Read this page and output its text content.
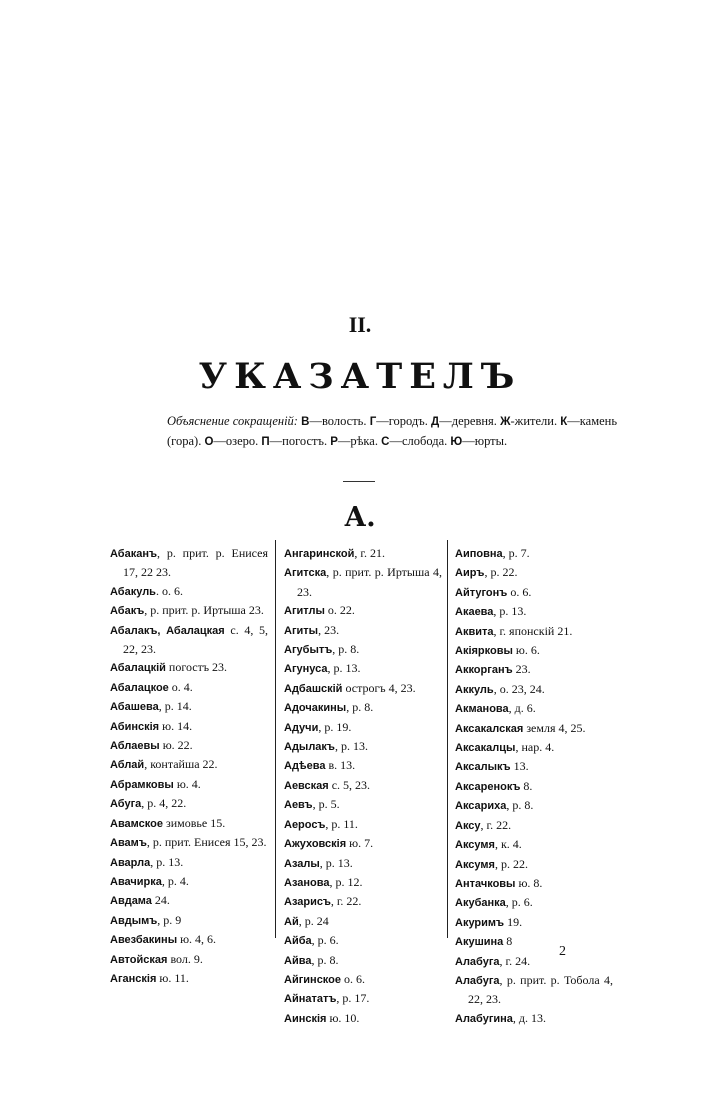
II.
УКАЗАТЕЛЪ
Объяснение сокращенiй: В—волость. Г—городъ. Д—деревня. Ж-жители. К—камень (гора). О—озеро. П—погостъ. Р—рѣка. С—слобода. Ю—юрты.
А.
Абаканъ, р. прит. р. Енисея 17, 22 23.
Абакуль. о. 6.
Абакъ, р. прит. р. Иртыша 23.
Абалакъ, Абалацкая с. 4, 5, 22, 23.
Абалацкiй погостъ 23.
Абалацкое о. 4.
Абашева, р. 14.
Абинскiя ю. 14.
Аблаевы ю. 22.
Аблай, контайша 22.
Абрамковы ю. 4.
Абуга, р. 4, 22.
Авамское зимовье 15.
Авамъ, р. прит. Енисея 15, 23.
Аварла, р. 13.
Авачирка, р. 4.
Авдама 24.
Авдымъ, р. 9
Авезбакины ю. 4, 6.
Автойская вол. 9.
Аганскiя ю. 11.
Ангаринской, г. 21.
Агитска, р. прит. р. Иртыша 4, 23.
Агитлы о. 22.
Агиты, 23.
Агубытъ, р. 8.
Агунуса, р. 13.
Адбашскiй острогъ 4, 23.
Адочакины, р. 8.
Адучи, р. 19.
Адылакъ, р. 13.
Адѣева в. 13.
Аевская с. 5, 23.
Аевъ, р. 5.
Аеросъ, р. 11.
Ажуховскiя ю. 7.
Азалы, р. 13.
Азанова, р. 12.
Азарисъ, г. 22.
Ай, р. 24
Айба, р. 6.
Айва, р. 8.
Айгинское о. 6.
Айнататъ, р. 17.
Аинскiя ю. 10.
Аиповна, р. 7.
Аиръ, р. 22.
Айтугонъ о. 6.
Акаева, р. 13.
Аквита, г. японскiй 21.
Акiярковы ю. 6.
Аккорганъ 23.
Аккуль, о. 23, 24.
Акманова, д. 6.
Аксакалская земля 4, 25.
Аксакалцы, нар. 4.
Аксалыкъ 13.
Аксаренокъ 8.
Аксариха, р. 8.
Аксу, г. 22.
Аксумя, к. 4.
Аксумя, р. 22.
Антачковы ю. 8.
Акубанка, р. 6.
Акуримъ 19.
Акушина 8
Алабуга, г. 24.
Алабуга, р. прит. р. Тобола 4, 22, 23.
Алабугина, д. 13.
2
